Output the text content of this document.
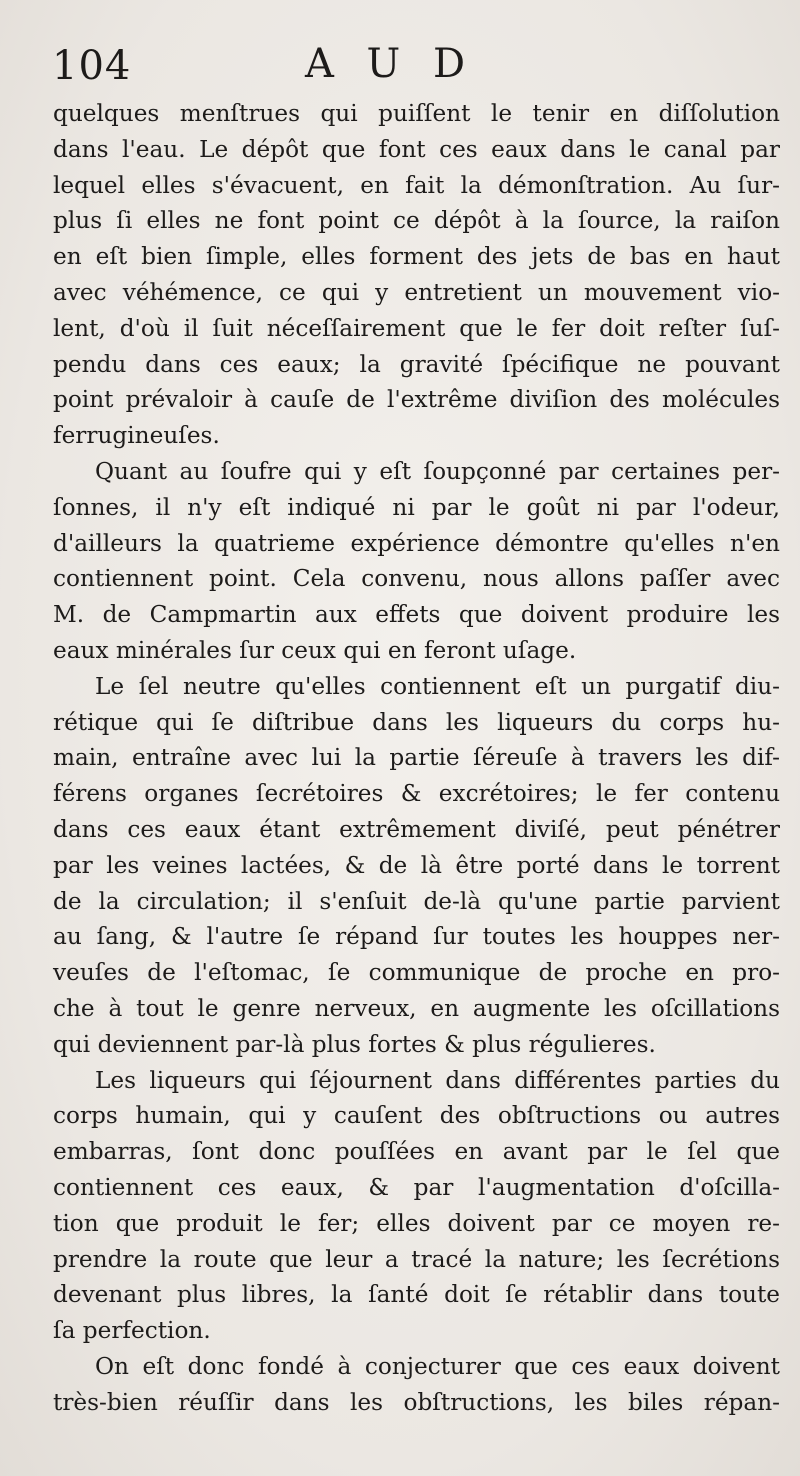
104	A U D
quelques menſtrues qui puiſſent le tenir en diſſolution
dans l'eau. Le dépôt que font ces eaux dans le canal par
lequel elles s'évacuent, en fait la démonſtration. Au ſur-
plus ſi elles ne font point ce dépôt à la ſource, la raiſon
en eſt bien ſimple, elles forment des jets de bas en haut
avec véhémence, ce qui y entretient un mouvement vio-
lent, d'où il ſuit néceſſairement que le fer doit reſter ſuſ-
pendu dans ces eaux; la gravité ſpécifique ne pouvant
point prévaloir à cauſe de l'extrême diviſion des molécules
ferrugineuſes.
Quant au ſoufre qui y eſt ſoupçonné par certaines per-
ſonnes, il n'y eſt indiqué ni par le goût ni par l'odeur,
d'ailleurs la quatrieme expérience démontre qu'elles n'en
contiennent point. Cela convenu, nous allons paſſer avec
M. de Campmartin aux effets que doivent produire les
eaux minérales ſur ceux qui en feront uſage.
Le ſel neutre qu'elles contiennent eſt un purgatif diu-
rétique qui ſe diſtribue dans les liqueurs du corps hu-
main, entraîne avec lui la partie ſéreuſe à travers les dif-
férens organes ſecrétoires & excrétoires; le fer contenu
dans ces eaux étant extrêmement diviſé, peut pénétrer
par les veines lactées, & de là être porté dans le torrent
de la circulation; il s'enſuit de-là qu'une partie parvient
au ſang, & l'autre ſe répand ſur toutes les houppes ner-
veuſes de l'eſtomac, ſe communique de proche en pro-
che à tout le genre nerveux, en augmente les oſcillations
qui deviennent par-là plus fortes & plus régulieres.
Les liqueurs qui ſéjournent dans différentes parties du
corps humain, qui y cauſent des obſtructions ou autres
embarras, ſont donc pouſſées en avant par le ſel que
contiennent ces eaux, & par l'augmentation d'oſcilla-
tion que produit le fer; elles doivent par ce moyen re-
prendre la route que leur a tracé la nature; les ſecrétions
devenant plus libres, la ſanté doit ſe rétablir dans toute
ſa perfection.
On eſt donc fondé à conjecturer que ces eaux doivent
très-bien réuſſir dans les obſtructions, les biles répan-
